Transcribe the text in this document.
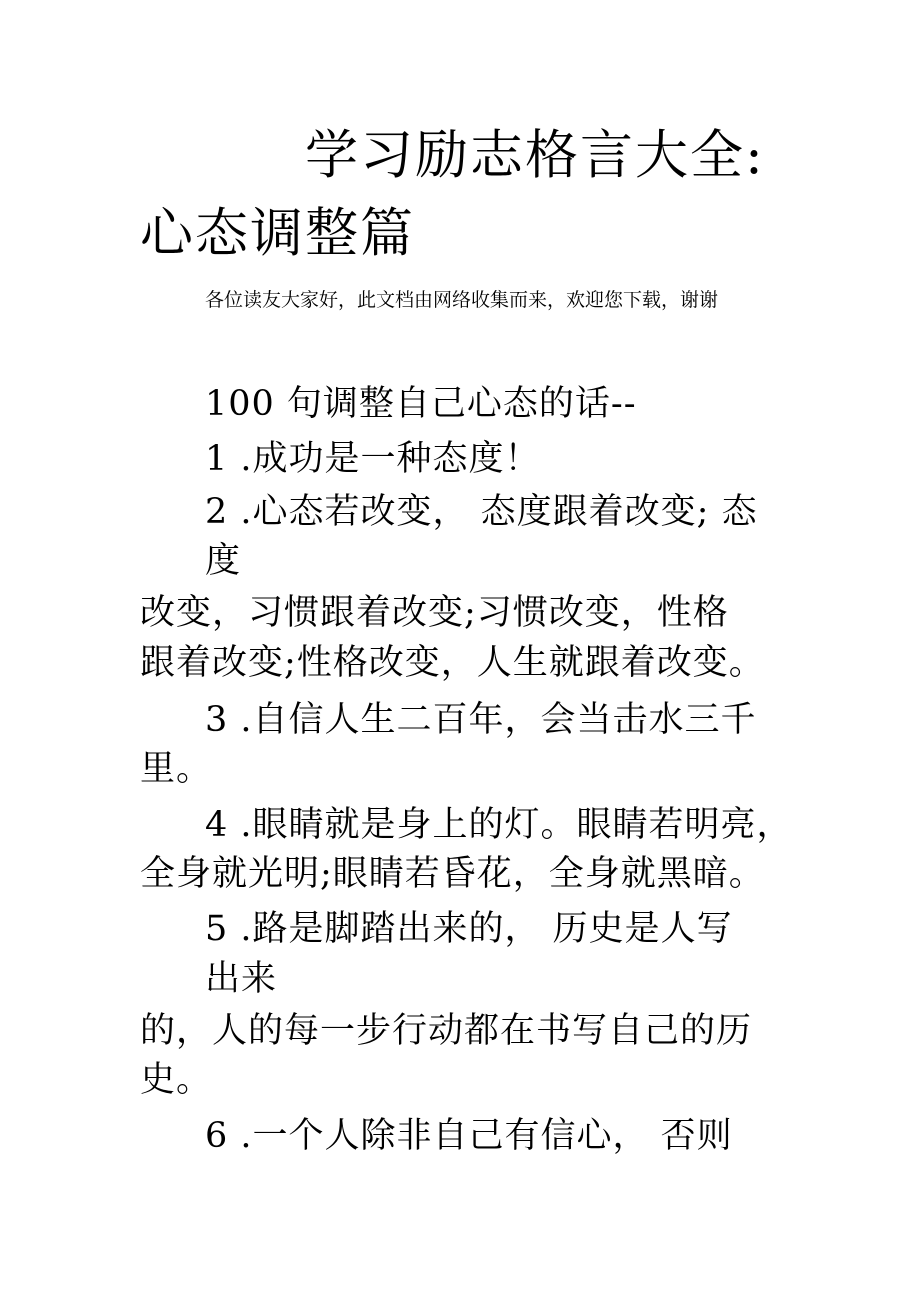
学习励志格言大全:
心态调整篇
各位读友大家好，此文档由网络收集而来，欢迎您下载，谢谢
100 句调整自己心态的话--
1 .成功是一种态度！
2 .心态若改变， 态度跟着改变; 态
度
改变，习惯跟着改变;习惯改变，性格
跟着改变;性格改变，人生就跟着改变。
3 .自信人生二百年，会当击水三千
里。
4 .眼睛就是身上的灯。眼睛若明亮，
全身就光明;眼睛若昏花，全身就黑暗。
5 .路是脚踏出来的， 历史是人写
出来
的，人的每一步行动都在书写自己的历
史。
6 .一个人除非自己有信心， 否则
